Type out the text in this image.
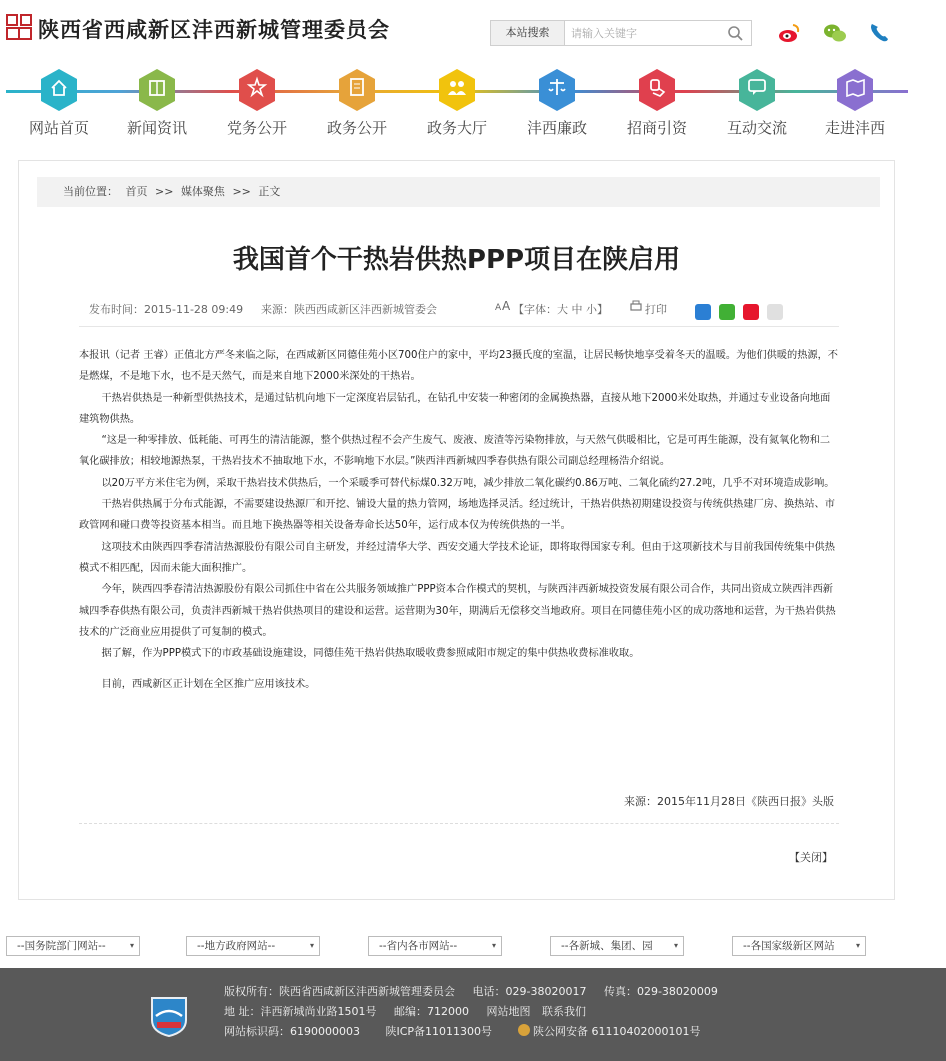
陕西省西咸新区沣西新城管理委员会	本站搜索
请输入关键字
网站首页	新闻资讯	党务公开	政务公开	政务大厅	沣西廉政	招商引资	互动交流	走进沣西
当前位置： 首页 >> 媒体聚焦 >> 正文
我国首个干热岩供热PPP项目在陕启用
发布时间：2015-11-28 09:49 来源：陕西西咸新区沣西新城管委会	A A 【字体：大 中 小】	打印

本报讯（记者 王睿）正值北方严冬来临之际，在西咸新区同德佳苑小区700住户的家中，平均23摄氏度的室温，让居民畅快地享受着冬天的温暖。为他们供暖的热源，不是燃煤，不是地下水，也不是天然气，而是来自地下2000米深处的干热岩。

干热岩供热是一种新型供热技术，是通过钻机向地下一定深度岩层钻孔，在钻孔中安装一种密闭的金属换热器，直接从地下2000米处取热，并通过专业设备向地面建筑物供热。

“这是一种零排放、低耗能、可再生的清洁能源，整个供热过程不会产生废气、废液、废渣等污染物排放，与天然气供暖相比，它是可再生能源，没有氮氧化物和二氧化碳排放；相较地源热泵，干热岩技术不抽取地下水，不影响地下水层。”陕西沣西新城四季春供热有限公司副总经理杨浩介绍说。

以20万平方米住宅为例，采取干热岩技术供热后，一个采暖季可替代标煤0.32万吨，减少排放二氧化碳约0.86万吨、二氧化硫约27.2吨，几乎不对环境造成影响。

干热岩供热属于分布式能源，不需要建设热源厂和开挖、铺设大量的热力管网，场地选择灵活。经过统计，干热岩供热初期建设投资与传统供热建厂房、换热站、市政管网和碰口费等投资基本相当。而且地下换热器等相关设备寿命长达50年，运行成本仅为传统供热的一半。

这项技术由陕西四季春清洁热源股份有限公司自主研发，并经过清华大学、西安交通大学技术论证，即将取得国家专利。但由于这项新技术与目前我国传统集中供热模式不相匹配，因而未能大面积推广。

今年，陕西四季春清洁热源股份有限公司抓住中省在公共服务领域推广PPP资本合作模式的契机，与陕西沣西新城投资发展有限公司合作，共同出资成立陕西沣西新城四季春供热有限公司，负责沣西新城干热岩供热项目的建设和运营。运营期为30年，期满后无偿移交当地政府。项目在同德佳苑小区的成功落地和运营，为干热岩供热技术的广泛商业应用提供了可复制的模式。

据了解，作为PPP模式下的市政基础设施建设，同德佳苑干热岩供热取暖收费参照咸阳市规定的集中供热收费标准收取。

目前，西咸新区正计划在全区推广应用该技术。

来源：2015年11月28日《陕西日报》头版
【关闭】
--国务院部门网站--	▾	--地方政府网站--	▾	--省内各市网站--	▾	--各新城、集团、园	▾	--各国家级新区网站	▾
版权所有：陕西省西咸新区沣西新城管理委员会 电话：029-38020017 传真：029-38020009
地 址：沣西新城尚业路1501号 邮编：712000 网站地图 联系我们
网站标识码：6190000003 陕ICP备11011300号	陕公网安备 61110402000101号
